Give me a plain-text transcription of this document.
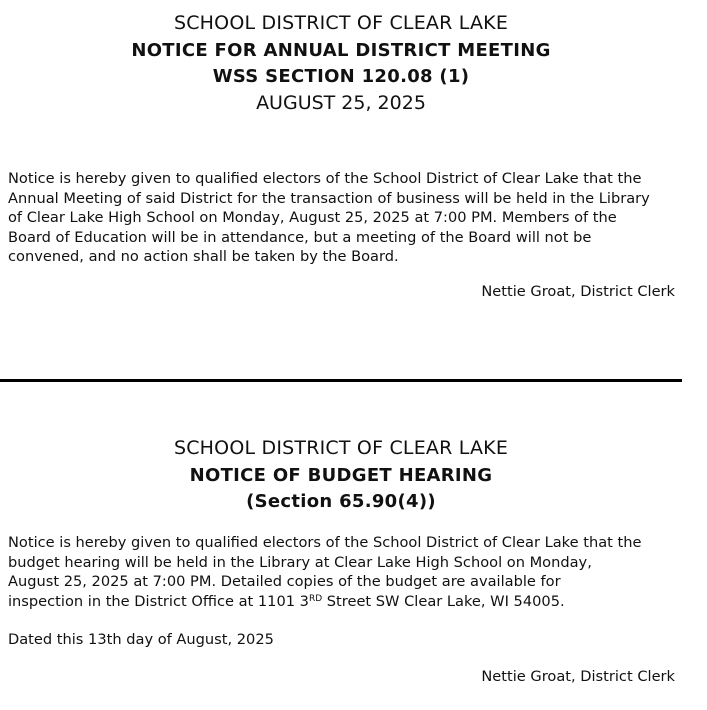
SCHOOL DISTRICT OF CLEAR LAKE
NOTICE FOR ANNUAL DISTRICT MEETING
WSS SECTION 120.08 (1)
AUGUST 25, 2025
Notice is hereby given to qualified electors of the School District of Clear Lake that the
Annual Meeting of said District for the transaction of business will be held in the Library
of Clear Lake High School on Monday, August 25, 2025 at 7:00 PM. Members of the
Board of Education will be in attendance, but a meeting of the Board will not be
convened, and no action shall be taken by the Board.
Nettie Groat, District Clerk
SCHOOL DISTRICT OF CLEAR LAKE
NOTICE OF BUDGET HEARING
(Section 65.90(4))
Notice is hereby given to qualified electors of the School District of Clear Lake that the
budget hearing will be held in the Library at Clear Lake High School on Monday,
August 25, 2025 at 7:00 PM. Detailed copies of the budget are available for
inspection in the District Office at 1101 3RD Street SW Clear Lake, WI 54005.
Dated this 13th day of August, 2025
Nettie Groat, District Clerk
